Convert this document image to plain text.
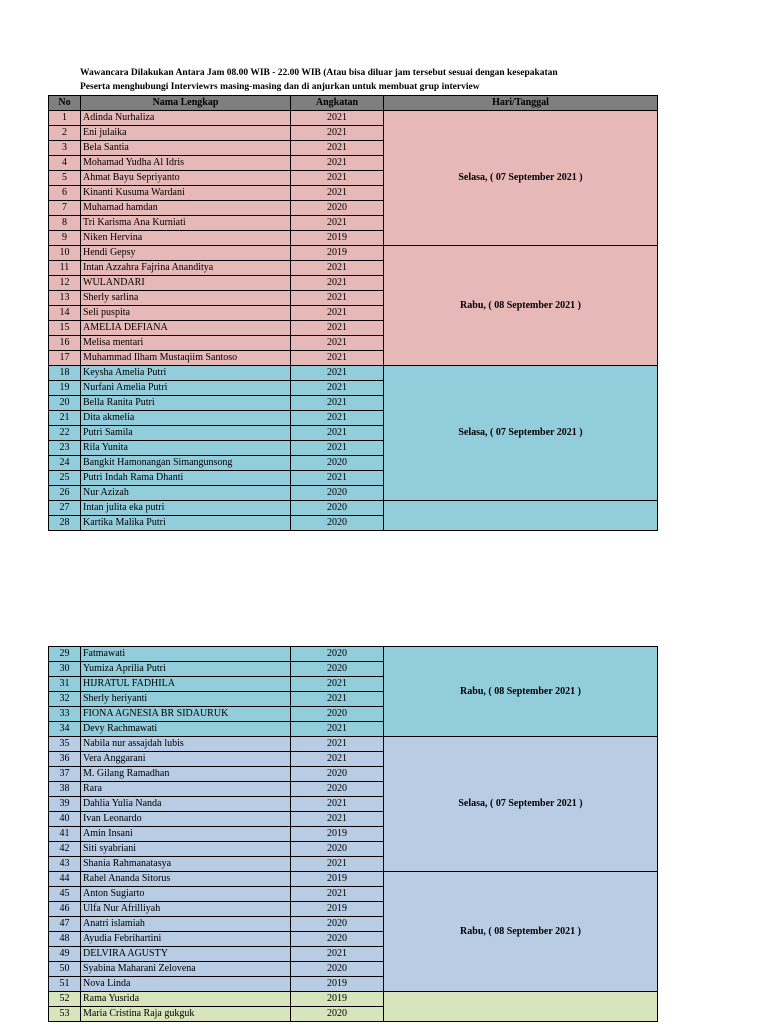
Wawancara Dilakukan Antara Jam 08.00 WIB - 22.00 WIB (Atau bisa diluar jam tersebut sesuai dengan kesepakatan
Peserta menghubungi Interviewrs masing-masing dan di anjurkan untuk membuat grup interview
No	Nama Lengkap	Angkatan	Hari/Tanggal
1	Adinda Nurhaliza	2021	Selasa, ( 07 September 2021 )
2	Eni julaika	2021	
3	Bela Santia	2021	
4	Mohamad Yudha Al Idris	2021	
5	Ahmat Bayu Sepriyanto	2021	
6	Kinanti Kusuma Wardani	2021	
7	Muhamad hamdan	2020	
8	Tri Karisma Ana Kurniati	2021	
9	Niken Hervina	2019	
10	Hendi Gepsy	2019	Rabu, ( 08 September 2021 )
11	Intan Azzahra Fajrina Ananditya	2021	
12	WULANDARI	2021	
13	Sherly sarlina	2021	
14	Seli puspita	2021	
15	AMELIA DEFIANA	2021	
16	Melisa mentari	2021	
17	Muhammad Ilham Mustaqiim Santoso	2021	
18	Keysha Amelia Putri	2021	Selasa, ( 07 September 2021 )
19	Nurfani Amelia Putri	2021	
20	Bella Ranita Putri	2021	
21	Dita akmelia	2021	
22	Putri Samila	2021	
23	Rila Yunita	2021	
24	Bangkit Hamonangan Simangunsong	2020	
25	Putri Indah Rama Dhanti	2021	
26	Nur Azizah	2020	
27	Intan julita eka putri	2020	
28	Kartika Malika Putri	2020	
29	Fatmawati	2020	Rabu, ( 08 September 2021 )
30	Yumiza Aprilia Putri	2020	
31	HIJRATUL FADHILA	2021	
32	Sherly heriyanti	2021	
33	FIONA AGNESIA BR SIDAURUK	2020	
34	Devy Rachmawati	2021	
35	Nabila nur assajdah lubis	2021	Selasa, ( 07 September 2021 )
36	Vera Anggarani	2021	
37	M. Gilang Ramadhan	2020	
38	Rara	2020	
39	Dahlia Yulia Nanda	2021	
40	Ivan Leonardo	2021	
41	Amin Insani	2019	
42	Siti syabriani	2020	
43	Shania Rahmanatasya	2021	
44	Rahel Ananda Sitorus	2019	Rabu, ( 08 September 2021 )
45	Anton Sugiarto	2021	
46	Ulfa Nur Afrilliyah	2019	
47	Anatri islamiah	2020	
48	Ayudia Febrihartini	2020	
49	DELVIRA AGUSTY	2021	
50	Syabina Maharani Zelovena	2020	
51	Nova Linda	2019	
52	Rama Yusrida	2019	
53	Maria Cristina Raja gukguk	2020	
